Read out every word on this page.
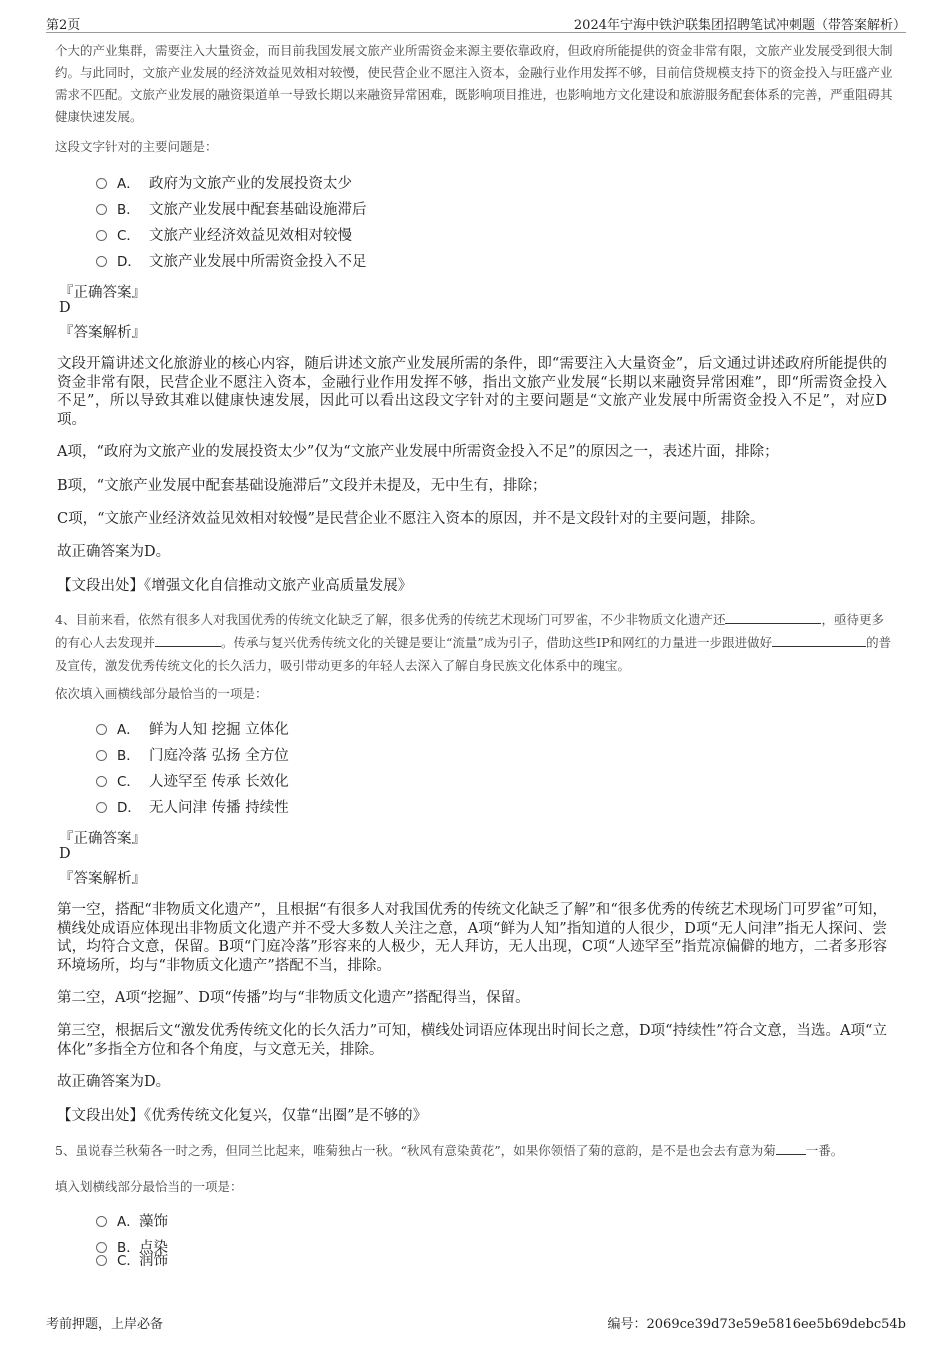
第2页	2024年宁海中铁沪联集团招聘笔试冲刺题（带答案解析）
个大的产业集群，需要注入大量资金，而目前我国发展文旅产业所需资金来源主要依靠政府，但政府所能提供的资金非常有限，文旅产业发展受到很大制约。与此同时，文旅产业发展的经济效益见效相对较慢，使民营企业不愿注入资本，金融行业作用发挥不够，目前信贷规模支持下的资金投入与旺盛产业需求不匹配。文旅产业发展的融资渠道单一导致长期以来融资异常困难，既影响项目推进，也影响地方文化建设和旅游服务配套体系的完善，严重阻碍其健康快速发展。
这段文字针对的主要问题是：
A． 政府为文旅产业的发展投资太少
B． 文旅产业发展中配套基础设施滞后
C． 文旅产业经济效益见效相对较慢
D． 文旅产业发展中所需资金投入不足
『正确答案』
D
『答案解析』
文段开篇讲述文化旅游业的核心内容，随后讲述文旅产业发展所需的条件，即“需要注入大量资金”，后文通过讲述政府所能提供的资金非常有限，民营企业不愿注入资本，金融行业作用发挥不够，指出文旅产业发展“长期以来融资异常困难”，即“所需资金投入不足”，所以导致其难以健康快速发展，因此可以看出这段文字针对的主要问题是“文旅产业发展中所需资金投入不足”，对应D项。
A项，“政府为文旅产业的发展投资太少”仅为“文旅产业发展中所需资金投入不足”的原因之一，表述片面，排除；
B项，“文旅产业发展中配套基础设施滞后”文段并未提及，无中生有，排除；
C项，“文旅产业经济效益见效相对较慢”是民营企业不愿注入资本的原因，并不是文段针对的主要问题，排除。
故正确答案为D。
【文段出处】《增强文化自信推动文旅产业高质量发展》
4、目前来看，依然有很多人对我国优秀的传统文化缺乏了解，很多优秀的传统艺术现场门可罗雀，不少非物质文化遗产还	，亟待更多的有心人去发现并	。传承与复兴优秀传统文化的关键是要让“流量”成为引子，借助这些IP和网红的力量进一步跟进做好	的普及宣传，激发优秀传统文化的长久活力，吸引带动更多的年轻人去深入了解自身民族文化体系中的瑰宝。
依次填入画横线部分最恰当的一项是：
A． 鲜为人知 挖掘 立体化
B． 门庭冷落 弘扬 全方位
C． 人迹罕至 传承 长效化
D． 无人问津 传播 持续性
『正确答案』
D
『答案解析』
第一空，搭配“非物质文化遗产”，且根据“有很多人对我国优秀的传统文化缺乏了解”和“很多优秀的传统艺术现场门可罗雀”可知，横线处成语应体现出非物质文化遗产并不受大多数人关注之意，A项“鲜为人知”指知道的人很少，D项“无人问津”指无人探问、尝试，均符合文意，保留。B项“门庭冷落”形容来的人极少，无人拜访，无人出现，C项“人迹罕至”指荒凉偏僻的地方，二者多形容环境场所，均与“非物质文化遗产”搭配不当，排除。
第二空，A项“挖掘”、D项“传播”均与“非物质文化遗产”搭配得当，保留。
第三空，根据后文“激发优秀传统文化的长久活力”可知，横线处词语应体现出时间长之意，D项“持续性”符合文意，当选。A项“立体化”多指全方位和各个角度，与文意无关，排除。
故正确答案为D。
【文段出处】《优秀传统文化复兴，仅靠“出圈”是不够的》
5、虽说春兰秋菊各一时之秀，但同兰比起来，唯菊独占一秋。“秋风有意染黄花”，如果你领悟了菊的意韵，是不是也会去有意为菊 一番。
填入划横线部分最恰当的一项是：
A．藻饰
B．点染
C．润饰
考前押题，上岸必备	编号：2069ce39d73e59e5816ee5b69debc54b
